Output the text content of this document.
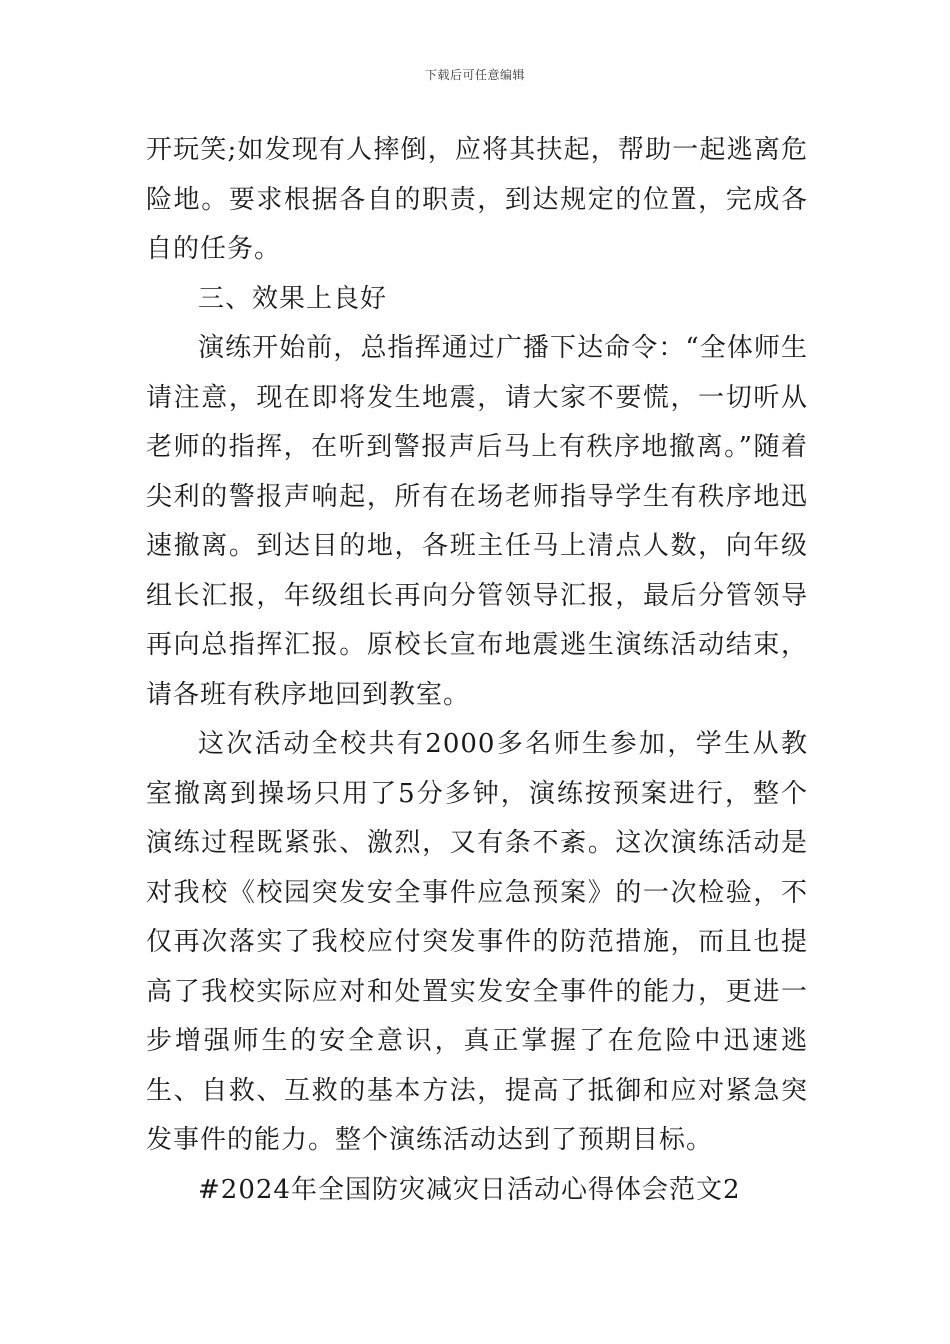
下载后可任意编辑

开玩笑;如发现有人摔倒，应将其扶起，帮助一起逃离危险地。要求根据各自的职责，到达规定的位置，完成各自的任务。

三、效果上良好

演练开始前，总指挥通过广播下达命令：“全体师生请注意，现在即将发生地震，请大家不要慌，一切听从老师的指挥，在听到警报声后马上有秩序地撤离。”随着尖利的警报声响起，所有在场老师指导学生有秩序地迅速撤离。到达目的地，各班主任马上清点人数，向年级组长汇报，年级组长再向分管领导汇报，最后分管领导再向总指挥汇报。原校长宣布地震逃生演练活动结束，请各班有秩序地回到教室。

这次活动全校共有2000多名师生参加，学生从教室撤离到操场只用了5分多钟，演练按预案进行，整个演练过程既紧张、激烈，又有条不紊。这次演练活动是对我校《校园突发安全事件应急预案》的一次检验，不仅再次落实了我校应付突发事件的防范措施，而且也提高了我校实际应对和处置实发安全事件的能力，更进一步增强师生的安全意识，真正掌握了在危险中迅速逃生、自救、互救的基本方法，提高了抵御和应对紧急突发事件的能力。整个演练活动达到了预期目标。

#2024年全国防灾减灾日活动心得体会范文2
